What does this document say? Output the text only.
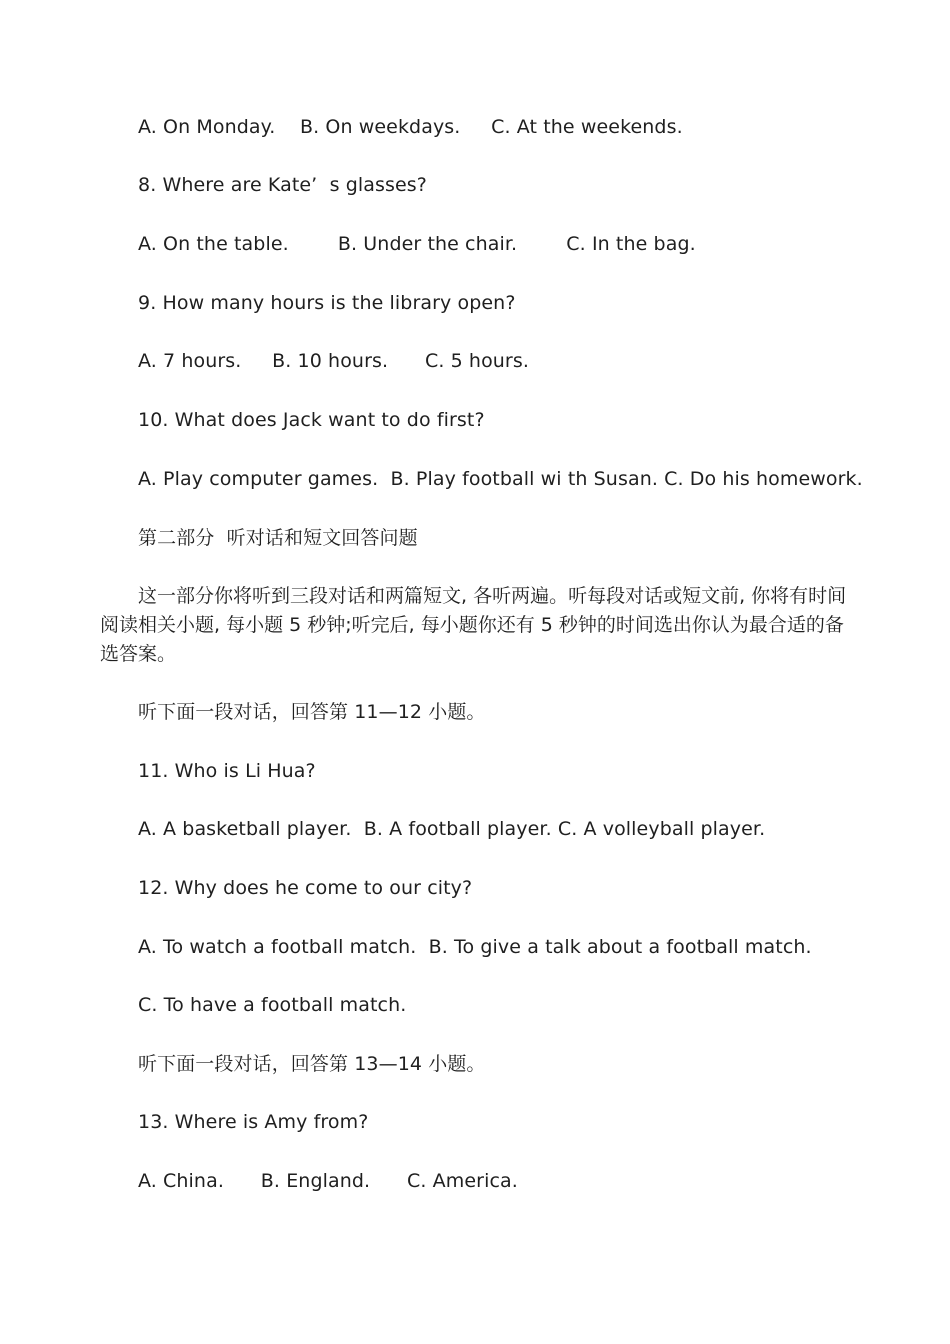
A. On Monday.    B. On weekdays.     C. At the weekends.
8. Where are Kate’  s glasses?
A. On the table.        B. Under the chair.        C. In the bag.
9. How many hours is the library open?
A. 7 hours.     B. 10 hours.      C. 5 hours.
10. What does Jack want to do first?
A. Play computer games.  B. Play football wi th Susan. C. Do his homework.
第二部分  听对话和短文回答问题
这一部分你将听到三段对话和两篇短文, 各听两遍。听每段对话或短文前, 你将有时间阅读相关小题, 每小题 5 秒钟;听完后, 每小题你还有 5 秒钟的时间选出你认为最合适的备选答案。
听下面一段对话，回答第 11—12 小题。
11. Who is Li Hua?
A. A basketball player.  B. A football player. C. A volleyball player.
12. Why does he come to our city?
A. To watch a football match.  B. To give a talk about a football match.
C. To have a football match.
听下面一段对话，回答第 13—14 小题。
13. Where is Amy from?
A. China.      B. England.      C. America.
